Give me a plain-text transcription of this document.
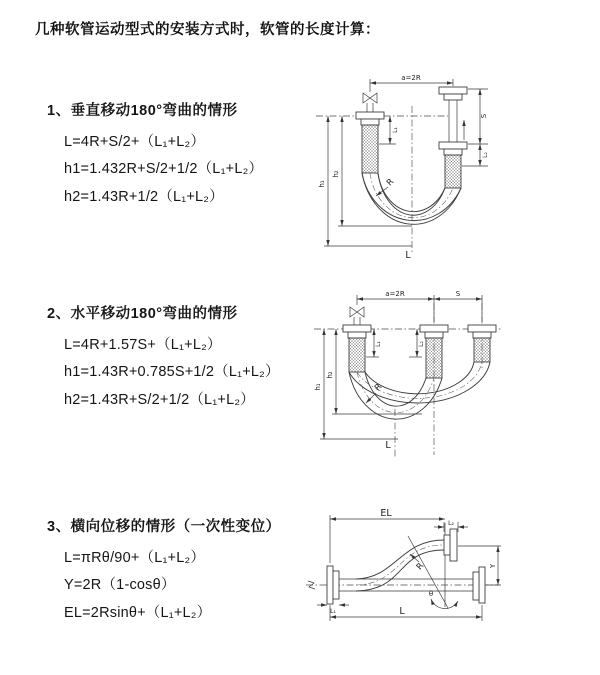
几种软管运动型式的安装方式时，软管的长度计算：
1、垂直移动180°弯曲的情形
L=4R+S/2+（L₁+L₂）
h1=1.432R+S/2+1/2（L₁+L₂）
h2=1.43R+1/2（L₁+L₂）
2、水平移动180°弯曲的情形
L=4R+1.57S+（L₁+L₂）
h1=1.43R+0.785S+1/2（L₁+L₂）
h2=1.43R+S/2+1/2（L₁+L₂）
3、横向位移的情形（一次性变位）
L=πRθ/90+（L₁+L₂）
Y=2R（1-cosθ）
EL=2Rsinθ+（L₁+L₂）
a=2R
h₁
h₂
L₁
S
L₂
R
L
a=2R	S
h₁
h₂
L₁	L₂
R
L
EL
L₂
Y
θ
R
L₁	L
